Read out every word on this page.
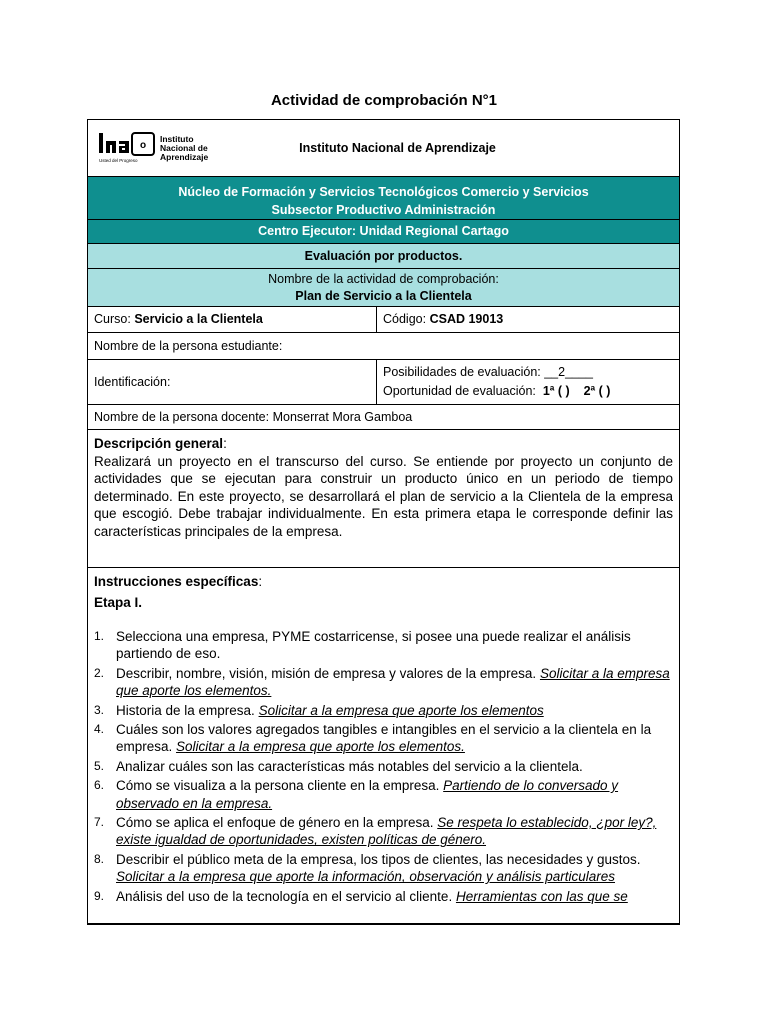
Actividad de comprobación N°1
o
Usted del Progreso
Instituto
Nacional de
Aprendizaje
Instituto Nacional de Aprendizaje
Núcleo de Formación y Servicios Tecnológicos Comercio y Servicios
Subsector Productivo Administración
Centro Ejecutor: Unidad Regional Cartago
Evaluación por productos.
Nombre de la actividad de comprobación:
Plan de Servicio a la Clientela
Curso: Servicio a la Clientela	Código: CSAD 19013
Nombre de la persona estudiante:
Identificación:
Posibilidades de evaluación: __2____
Oportunidad de evaluación: 1ª ( ) 2ª ( )
Nombre de la persona docente: Monserrat Mora Gamboa
Descripción general:

Realizará un proyecto en el transcurso del curso. Se entiende por proyecto un conjunto de actividades que se ejecutan para construir un producto único en un periodo de tiempo determinado. En este proyecto, se desarrollará el plan de servicio a la Clientela de la empresa que escogió. Debe trabajar individualmente. En esta primera etapa le corresponde definir las características principales de la empresa.

Instrucciones específicas:
Etapa I.
1. Selecciona una empresa, PYME costarricense, si posee una puede realizar el análisis partiendo de eso.
2. Describir, nombre, visión, misión de empresa y valores de la empresa. Solicitar a la empresa que aporte los elementos.
3. Historia de la empresa. Solicitar a la empresa que aporte los elementos
4. Cuáles son los valores agregados tangibles e intangibles en el servicio a la clientela en la empresa. Solicitar a la empresa que aporte los elementos.
5. Analizar cuáles son las características más notables del servicio a la clientela.
6. Cómo se visualiza a la persona cliente en la empresa. Partiendo de lo conversado y observado en la empresa.
7. Cómo se aplica el enfoque de género en la empresa. Se respeta lo establecido, ¿por ley?, existe igualdad de oportunidades, existen políticas de género.
8. Describir el público meta de la empresa, los tipos de clientes, las necesidades y gustos. Solicitar a la empresa que aporte la información, observación y análisis particulares
9. Análisis del uso de la tecnología en el servicio al cliente. Herramientas con las que se
